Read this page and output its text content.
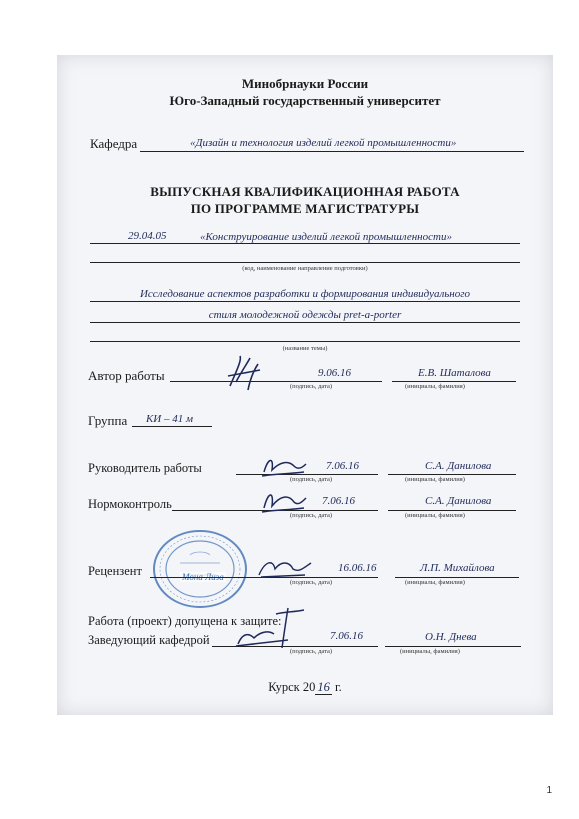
Минобрнауки России
Юго-Западный государственный университет
Кафедра	«Дизайн и технология изделий легкой промышленности»
ВЫПУСКНАЯ КВАЛИФИКАЦИОННАЯ РАБОТА
ПО ПРОГРАММЕ МАГИСТРАТУРЫ
29.04.05	«Конструирование изделий легкой промышленности»
(код, наименование направление подготовки)
Исследование аспектов разработки и формирования индивидуального
стиля молодежной одежды pret-a-porter
(название темы)
Автор работы	9.06.16	Е.В. Шаталова
(подпись, дата)	(инициалы, фамилия)
Группа КИ – 41 м
Руководитель работы	7.06.16	С.А. Данилова
(подпись, дата)	(инициалы, фамилия)
Нормоконтроль	7.06.16	С.А. Данилова
(подпись, дата)	(инициалы, фамилия)
Мона Лиза
Рецензент	16.06.16	Л.П. Михайлова
(подпись, дата)	(инициалы, фамилия)
Работа (проект) допущена к защите:
Заведующий кафедрой	7.06.16	О.Н. Днева
(подпись, дата)	(инициалы, фамилия)
Курск 20 16 г.
1
